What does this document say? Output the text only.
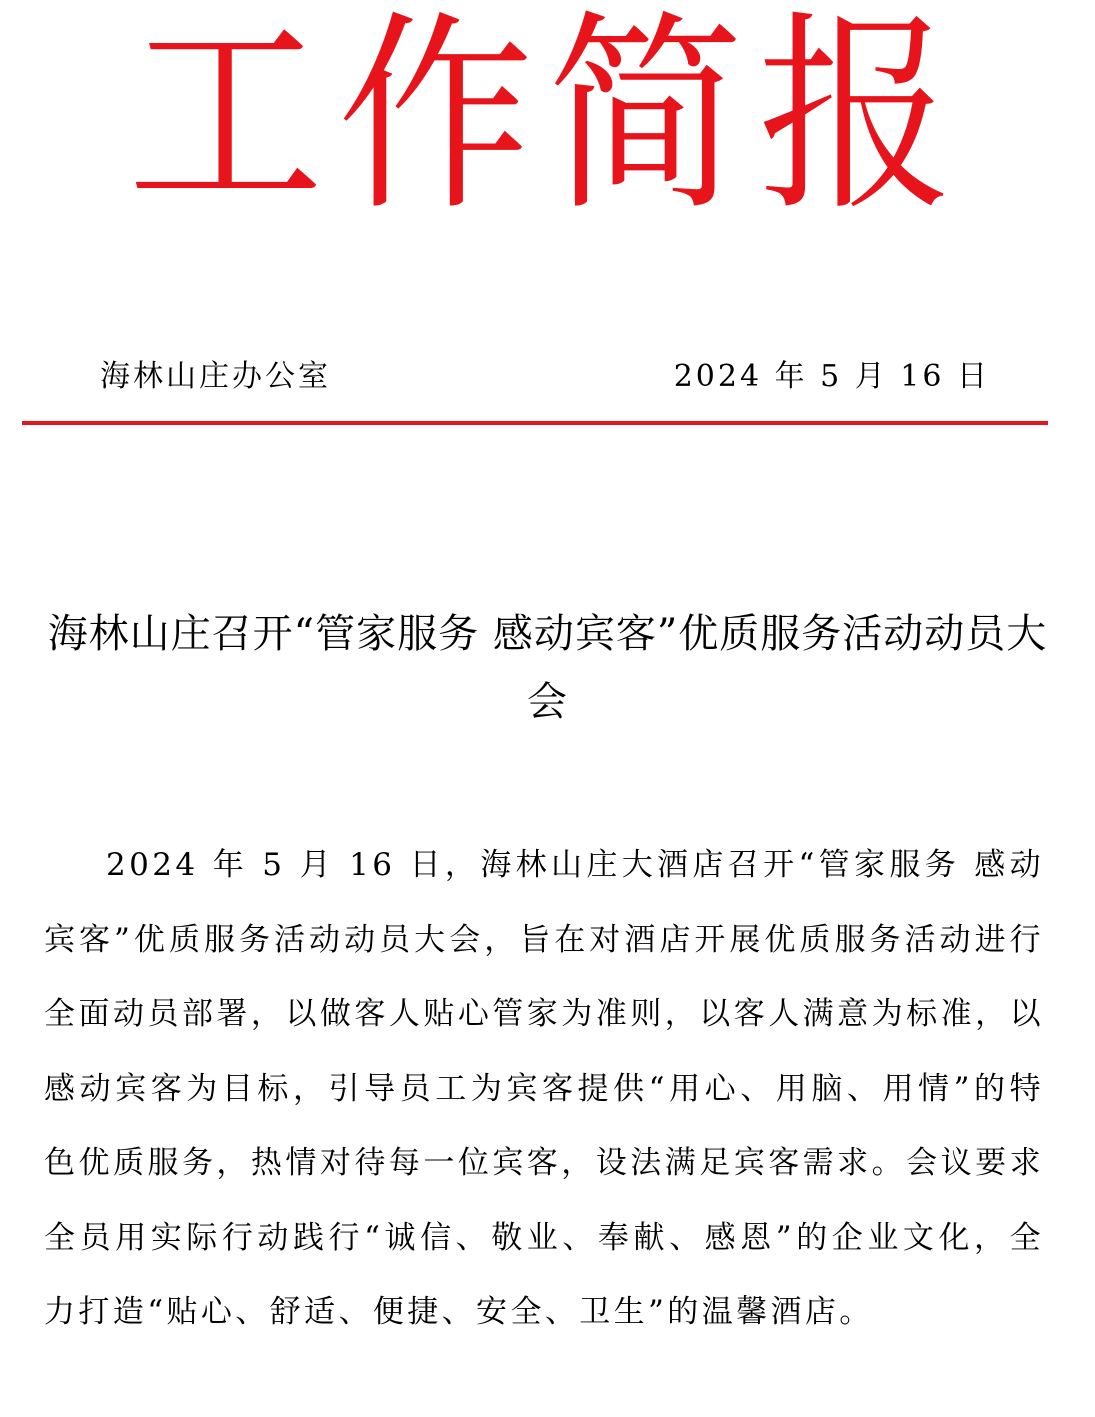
工作简报
海林山庄办公室	2024 年 5 月 16 日
海林山庄召开“管家服务 感动宾客”优质服务活动动员大会

2024 年 5 月 16 日，海林山庄大酒店召开“管家服务 感动宾客”优质服务活动动员大会，旨在对酒店开展优质服务活动进行全面动员部署，以做客人贴心管家为准则，以客人满意为标准，以感动宾客为目标，引导员工为宾客提供“用心、用脑、用情”的特色优质服务，热情对待每一位宾客，设法满足宾客需求。会议要求全员用实际行动践行“诚信、敬业、奉献、感恩”的企业文化，全力打造“贴心、舒适、便捷、安全、卫生”的温馨酒店。
